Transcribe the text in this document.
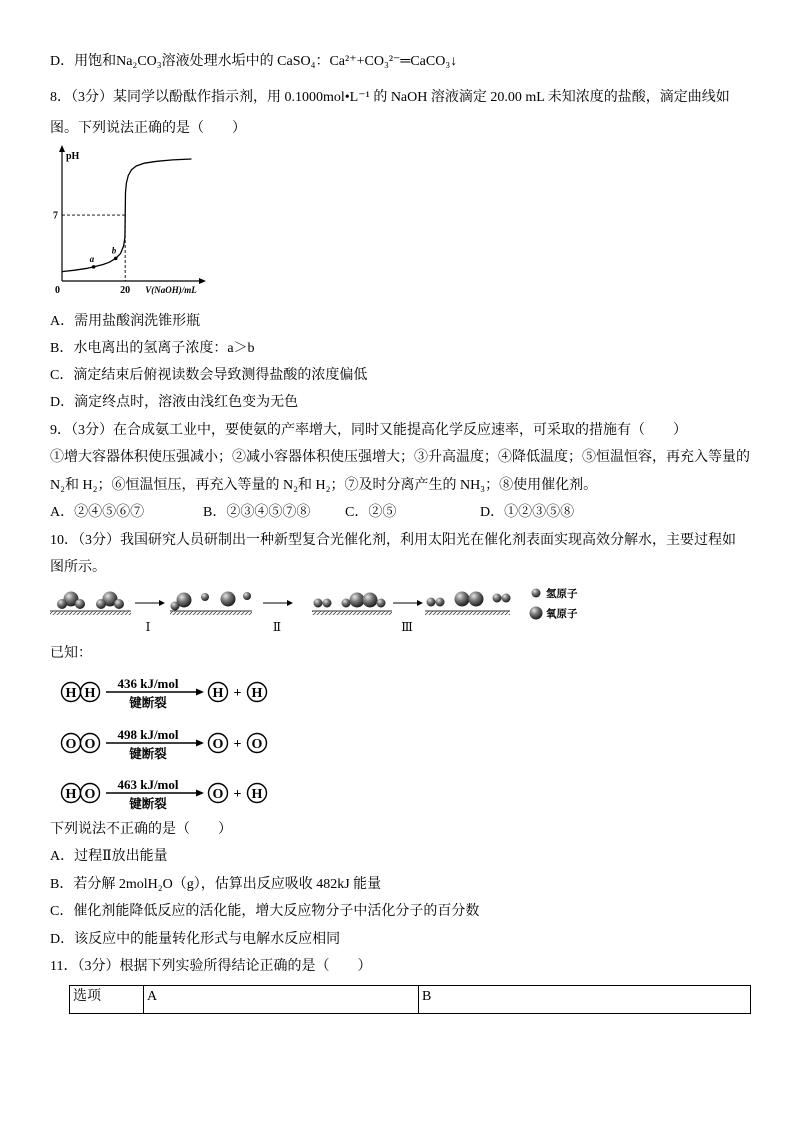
D．用饱和Na₂CO₃溶液处理水垢中的 CaSO₄：Ca²⁺+CO₃²⁻═CaCO₃↓
8．（3分）某同学以酚酞作指示剂，用 0.1000mol•L⁻¹ 的 NaOH 溶液滴定 20.00 mL 未知浓度的盐酸，滴定曲线如
图。下列说法正确的是（　　）
pH
V(NaOH)/mL
0	20
7
a
b
A．需用盐酸润洗锥形瓶
B．水电离出的氢离子浓度：a＞b
C．滴定结束后俯视读数会导致测得盐酸的浓度偏低
D．滴定终点时，溶液由浅红色变为无色
9．（3分）在合成氨工业中，要使氨的产率增大，同时又能提高化学反应速率，可采取的措施有（　　）
①增大容器体积使压强减小；②减小容器体积使压强增大；③升高温度；④降低温度；⑤恒温恒容，再充入等量的
N₂和 H₂；⑥恒温恒压，再充入等量的 N₂和 H₂；⑦及时分离产生的 NH₃；⑧使用催化剂。
A．②④⑤⑥⑦	B．②③④⑤⑦⑧ C．②⑤	D．①②③⑤⑧
10．（3分）我国研究人员研制出一种新型复合光催化剂，利用太阳光在催化剂表面实现高效分解水，主要过程如
图所示。
Ⅰ	Ⅱ	Ⅲ
氢原子
氧原子
已知：
H H
436 kJ/mol
键断裂
H + H
O O
498 kJ/mol
键断裂
O + O
H O
463 kJ/mol
键断裂
O + H
下列说法不正确的是（　　）
A．过程Ⅱ放出能量
B．若分解 2molH₂O（g），估算出反应吸收 482kJ 能量
C．催化剂能降低反应的活化能，增大反应物分子中活化分子的百分数
D．该反应中的能量转化形式与电解水反应相同
11．（3分）根据下列实验所得结论正确的是（　　）
选项	A	B
